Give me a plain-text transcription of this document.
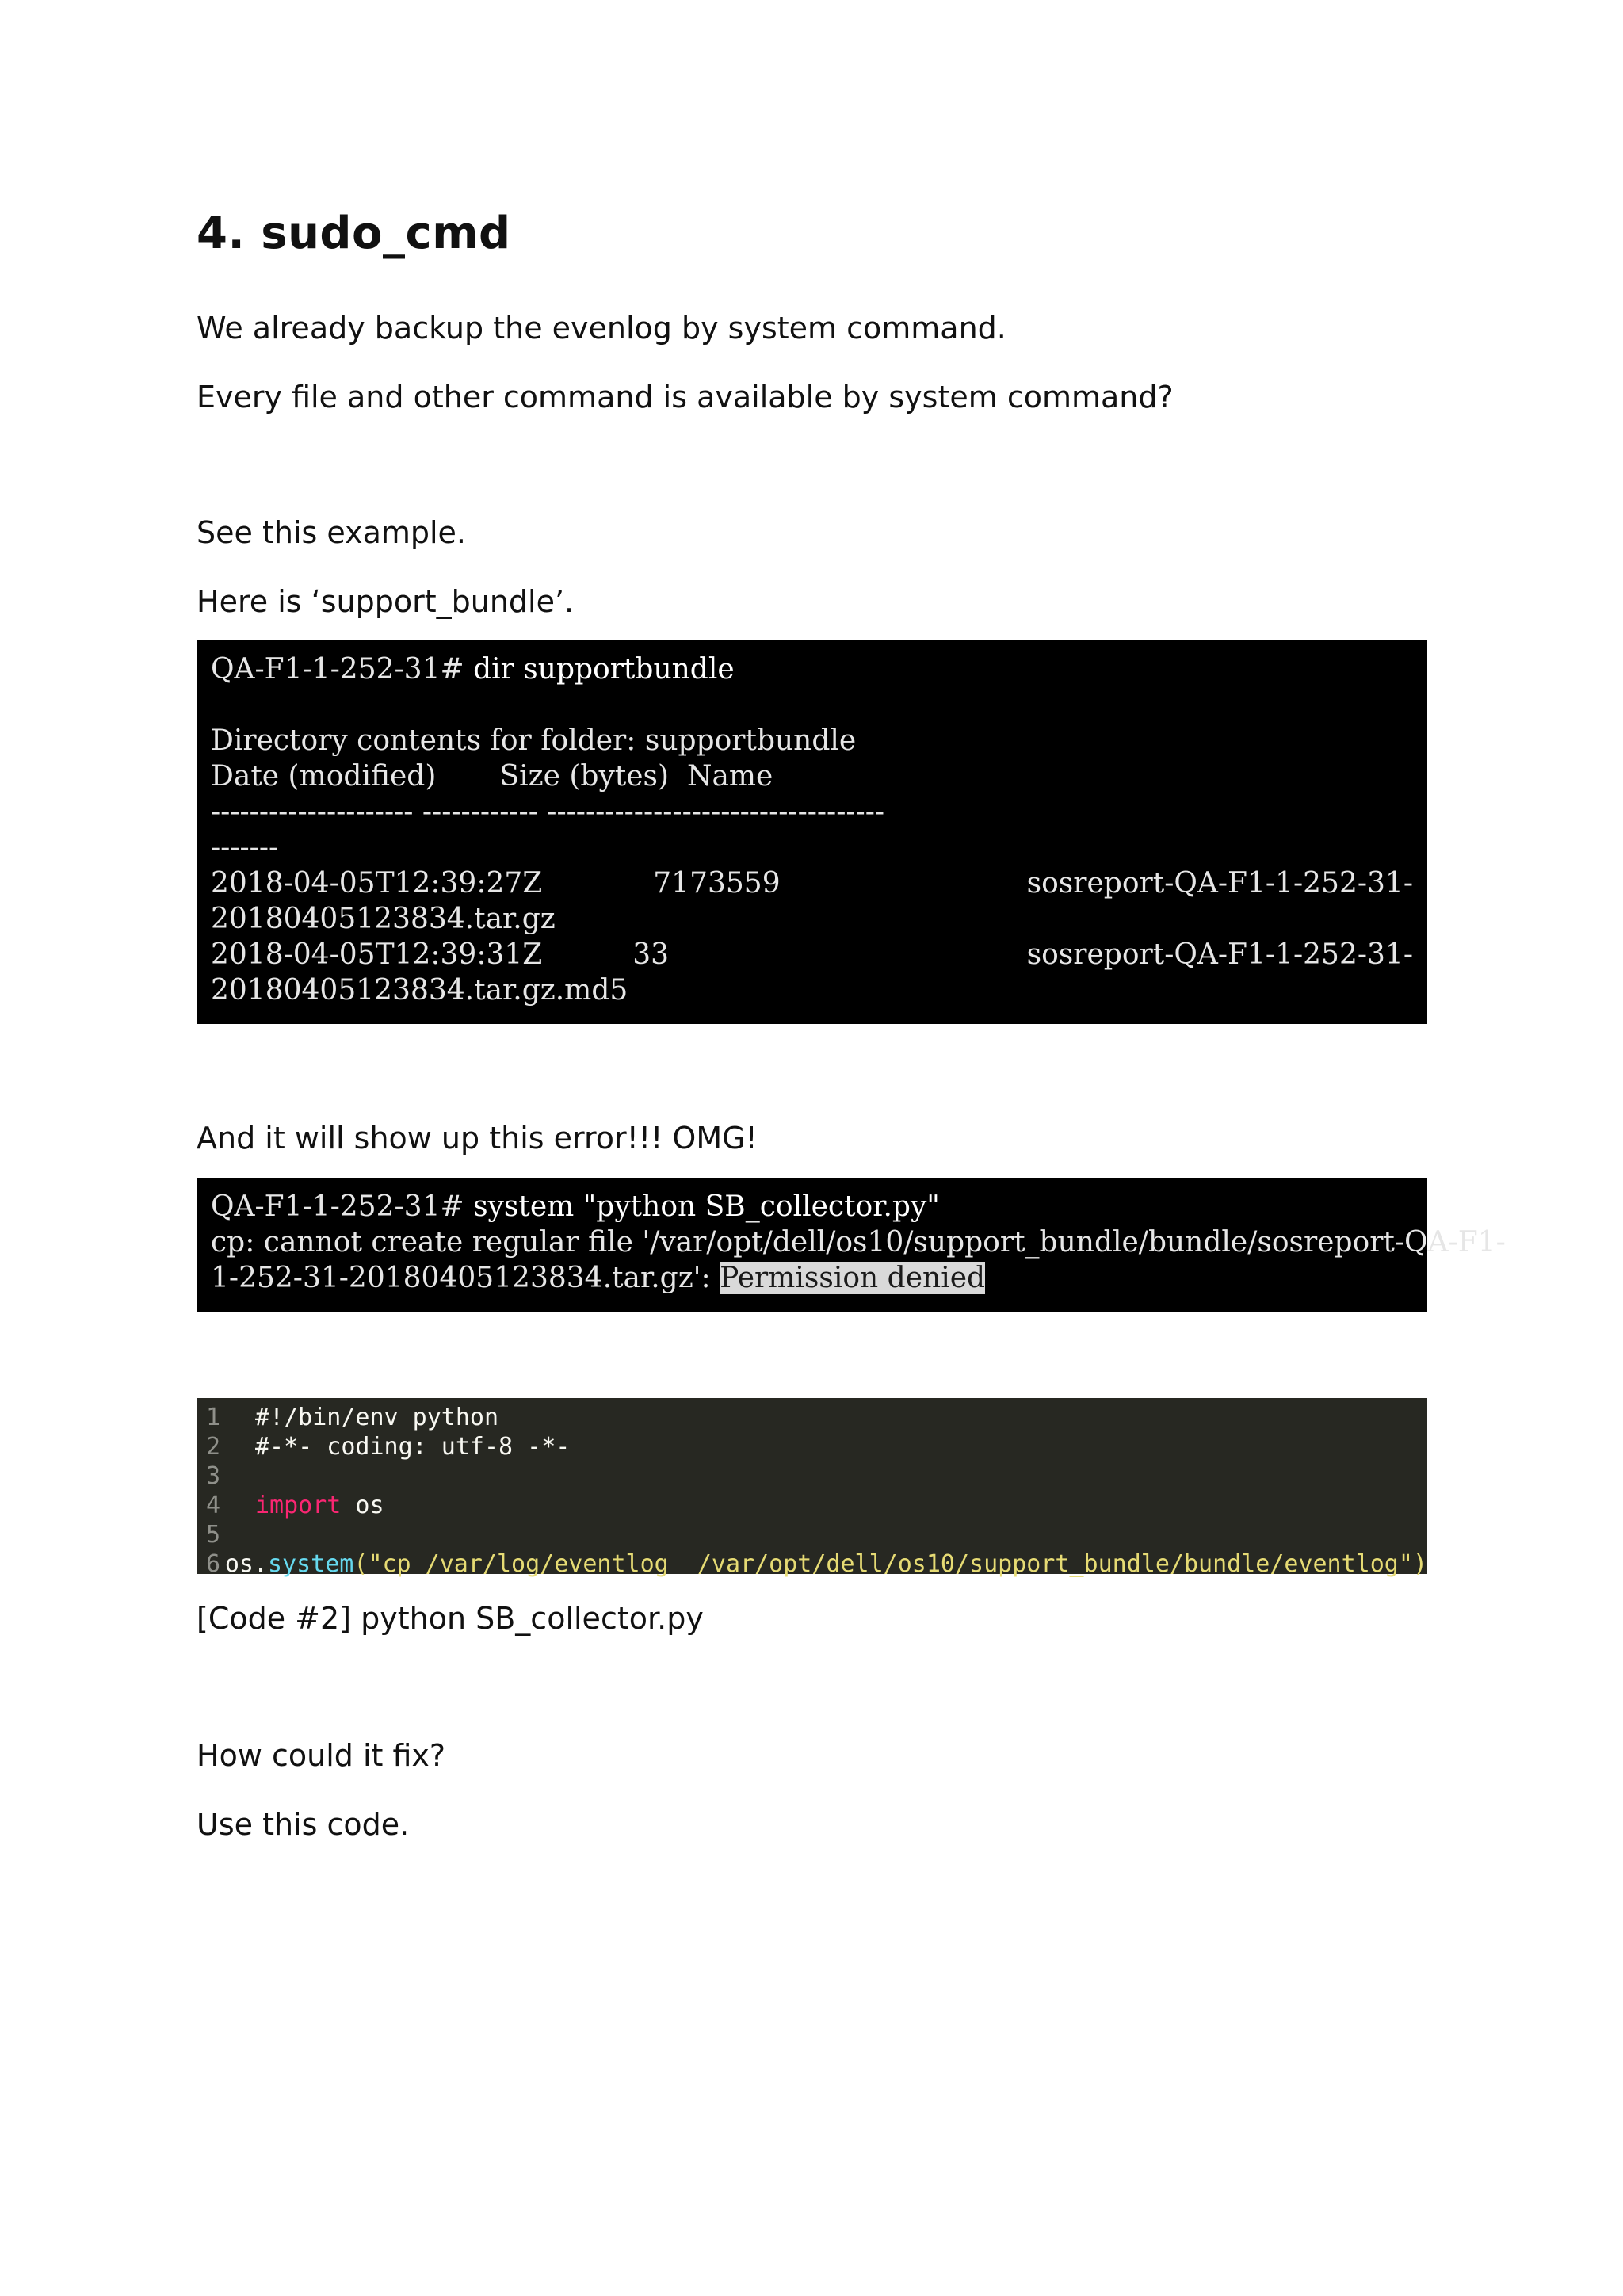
4. sudo_cmd
We already backup the evenlog by system command.
Every file and other command is available by system command?
See this example.
Here is ‘support_bundle’.
QA-F1-1-252-31# dir supportbundle
Directory contents for folder: supportbundle
Date (modified)       Size (bytes)  Name
--------------------- ------------ -----------------------------------
-------
2018-04-05T12:39:27Z	7173559	sosreport-QA-F1-1-252-31-
20180405123834.tar.gz
2018-04-05T12:39:31Z	33	sosreport-QA-F1-1-252-31-
20180405123834.tar.gz.md5
And it will show up this error!!! OMG!
QA-F1-1-252-31# system "python SB_collector.py"
cp: cannot create regular file '/var/opt/dell/os10/support_bundle/bundle/sosreport-QA-F1-
1-252-31-20180405123834.tar.gz': Permission denied
1	#!/bin/env python
2	#-*- coding: utf-8 -*-
3
4	import os
5
6 os.system("cp /var/log/eventlog  /var/opt/dell/os10/support_bundle/bundle/eventlog")
[Code #2] python SB_collector.py
How could it fix?
Use this code.
